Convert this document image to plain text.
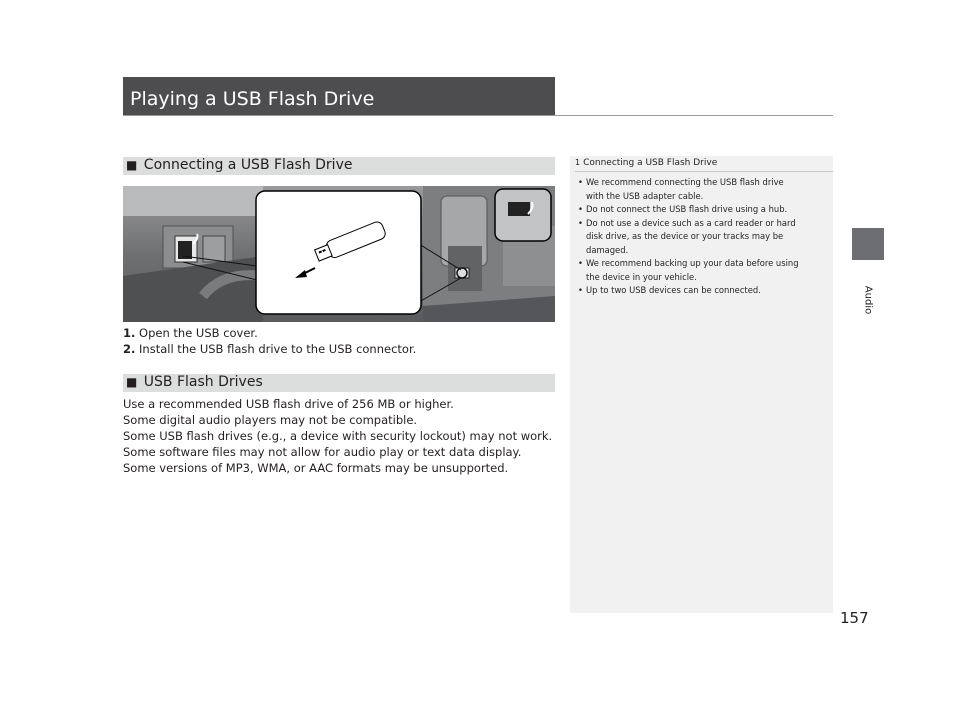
Playing a USB Flash Drive
Audio
■ Connecting a USB Flash Drive
1. Open the USB cover.
2. Install the USB flash drive to the USB connector.
■ USB Flash Drives
Use a recommended USB flash drive of 256 MB or higher.
Some digital audio players may not be compatible.
Some USB flash drives (e.g., a device with security lockout) may not work.
Some software files may not allow for audio play or text data display.
Some versions of MP3, WMA, or AAC formats may be unsupported.
1 Connecting a USB Flash Drive
• We recommend connecting the USB flash drive
with the USB adapter cable.
• Do not connect the USB flash drive using a hub.
• Do not use a device such as a card reader or hard
disk drive, as the device or your tracks may be
damaged.
• We recommend backing up your data before using
the device in your vehicle.
• Up to two USB devices can be connected.
157
